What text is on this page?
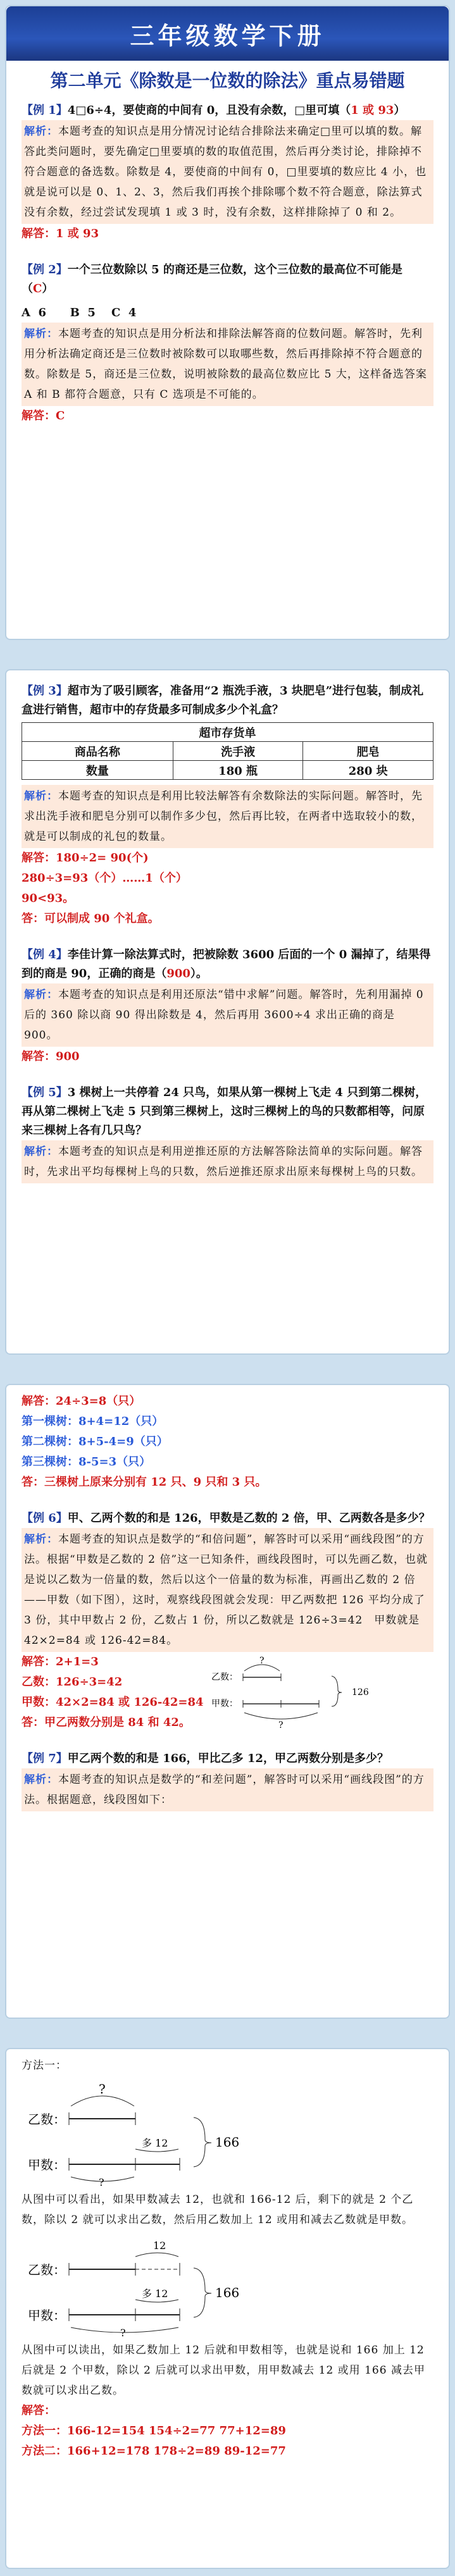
三年级数学下册
第二单元《除数是一位数的除法》重点易错题
【例 1】4□6÷4，要使商的中间有 0，且没有余数，□里可填（1 或 93）
解析：本题考查的知识点是用分情况讨论结合排除法来确定□里可以填的数。解答此类问题时，要先确定□里要填的数的取值范围，然后再分类讨论，排除掉不符合题意的备选数。除数是 4，要使商的中间有 0，□里要填的数应比 4 小，也就是说可以是 0、1、2、3，然后我们再挨个排除哪个数不符合题意，除法算式没有余数，经过尝试发现填 1 或 3 时，没有余数，这样排除掉了 0 和 2。
解答：1 或 93
【例 2】一个三位数除以 5 的商还是三位数，这个三位数的最高位不可能是（C）
A  6      B  5    C  4
解析：本题考查的知识点是用分析法和排除法解答商的位数问题。解答时，先利用分析法确定商还是三位数时被除数可以取哪些数，然后再排除掉不符合题意的数。除数是 5，商还是三位数，说明被除数的最高位数应比 5 大，这样备选答案 A 和 B 都符合题意，只有 C 选项是不可能的。
解答：C
【例 3】超市为了吸引顾客，准备用“2 瓶洗手液，3 块肥皂”进行包装，制成礼盒进行销售，超市中的存货最多可制成多少个礼盒？
超市存货单		
商品名称	洗手液	肥皂
数量	180 瓶	280 块
解析：本题考查的知识点是利用比较法解答有余数除法的实际问题。解答时，先求出洗手液和肥皂分别可以制作多少包，然后再比较，在两者中选取较小的数，就是可以制成的礼包的数量。
解答：180÷2= 90(个)
280÷3=93（个）……1（个）
90<93。
答：可以制成 90 个礼盒。
【例 4】李佳计算一除法算式时，把被除数 3600 后面的一个 0 漏掉了，结果得到的商是 90，正确的商是（900）。
解析：本题考查的知识点是利用还原法“错中求解”问题。解答时，先利用漏掉 0 后的 360 除以商 90 得出除数是 4，然后再用 3600÷4 求出正确的商是 900。
解答：900
【例 5】3 棵树上一共停着 24 只鸟，如果从第一棵树上飞走 4 只到第二棵树，再从第二棵树上飞走 5 只到第三棵树上，这时三棵树上的鸟的只数都相等，问原来三棵树上各有几只鸟？
解析：本题考查的知识点是利用逆推还原的方法解答除法简单的实际问题。解答时，先求出平均每棵树上鸟的只数，然后逆推还原求出原来每棵树上鸟的只数。
解答：24÷3=8（只）
第一棵树：8+4=12（只）
第二棵树：8+5-4=9（只）
第三棵树：8-5=3（只）
答：三棵树上原来分别有 12 只、9 只和 3 只。
【例 6】甲、乙两个数的和是 126，甲数是乙数的 2 倍，甲、乙两数各是多少？
解析：本题考查的知识点是数学的“和倍问题”，解答时可以采用“画线段图”的方法。根据“甲数是乙数的 2 倍”这一已知条件，画线段图时，可以先画乙数，也就是说以乙数为一倍量的数，然后以这个一倍量的数为标准，再画出乙数的 2 倍——甲数（如下图），这时，观察线段图就会发现：甲乙两数把 126 平均分成了 3 份，其中甲数占 2 份，乙数占 1 份，所以乙数就是 126÷3=42　甲数就是 42×2=84 或 126-42=84。
解答：2+1=3
乙数：126÷3=42
甲数：42×2=84 或 126-42=84
答：甲乙两数分别是 84 和 42。
乙数：
甲数：
?
?
126
【例 7】甲乙两个数的和是 166，甲比乙多 12，甲乙两数分别是多少？
解析：本题考查的知识点是数学的“和差问题”，解答时可以采用“画线段图”的方法。根据题意，线段图如下：
方法一：
乙数：
甲数：
?
多 12
?
166
从图中可以看出，如果甲数减去 12，也就和 166-12 后，剩下的就是 2 个乙数，除以 2 就可以求出乙数，然后用乙数加上 12 或用和减去乙数就是甲数。
乙数：
甲数：
12
多 12
?
166
从图中可以读出，如果乙数加上 12 后就和甲数相等，也就是说和 166 加上 12 后就是 2 个甲数，除以 2 后就可以求出甲数，用甲数减去 12 或用 166 减去甲数就可以求出乙数。
解答：
方法一：166-12=154 154÷2=77 77+12=89
方法二：166+12=178 178÷2=89 89-12=77
